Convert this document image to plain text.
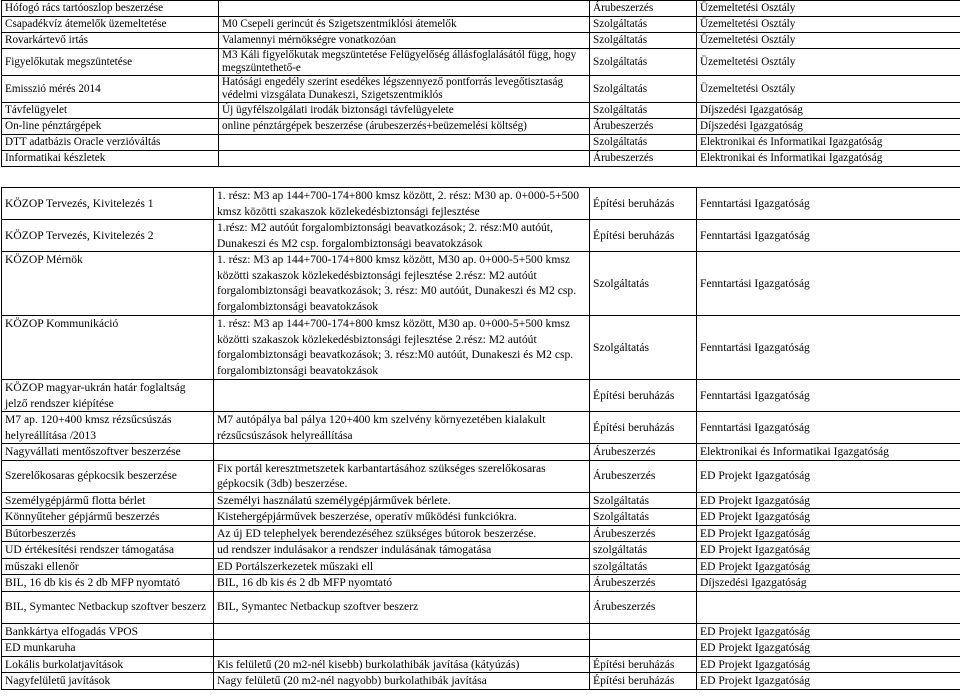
Hófogó rács tartóoszlop beszerzése		Árubeszerzés	Üzemeltetési Osztály
Csapadékvíz átemelők üzemeltetése	M0 Csepeli gerincút és Szigetszentmiklósi átemelők	Szolgáltatás	Üzemeltetési Osztály
Rovarkártevő irtás	Valamennyi mérnökségre vonatkozóan	Szolgáltatás	Üzemeltetési Osztály
Figyelőkutak megszüntetése	M3 Káli figyelőkutak megszüntetése Felügyelőség állásfoglalásától függ, hogy megszüntethető-e	Szolgáltatás	Üzemeltetési Osztály
Emisszió mérés 2014	Hatósági engedély szerint esedékes légszennyező pontforrás levegőtisztaság védelmi vizsgálata Dunakeszi, Szigetszentmiklós	Szolgáltatás	Üzemeltetési Osztály
Távfelügyelet	Új ügyfélszolgálati irodák biztonsági távfelügyelete	Szolgáltatás	Díjszedési Igazgatóság
On-line pénztárgépek	online pénztárgépek beszerzése (árubeszerzés+beüzemelési költség)	Árubeszerzés	Díjszedési Igazgatóság
DTT adatbázis Oracle verzióváltás		Szolgáltatás	Elektronikai és Informatikai Igazgatóság
Informatikai készletek		Árubeszerzés	Elektronikai és Informatikai Igazgatóság
KÖZOP Tervezés, Kivitelezés 1	1. rész: M3 ap 144+700-174+800 kmsz között, 2. rész: M30 ap. 0+000-5+500 kmsz közötti szakaszok közlekedésbiztonsági fejlesztése	Építési beruházás	Fenntartási Igazgatóság
KÖZOP Tervezés, Kivitelezés 2	1.rész: M2 autóút forgalombiztonsági beavatkozások; 2. rész:M0 autóút, Dunakeszi és M2 csp. forgalombiztonsági beavatokzások	Építési beruházás	Fenntartási Igazgatóság
KÖZOP Mérnök	1. rész: M3 ap 144+700-174+800 kmsz között, M30 ap. 0+000-5+500 kmsz közötti szakaszok közlekedésbiztonsági fejlesztése 2.rész: M2 autóút forgalombiztonsági beavatkozások; 3. rész: M0 autóút, Dunakeszi és M2 csp. forgalombiztonsági beavatokzások	Szolgáltatás	Fenntartási Igazgatóság
KÖZOP Kommunikáció	1. rész: M3 ap 144+700-174+800 kmsz között, M30 ap. 0+000-5+500 kmsz közötti szakaszok közlekedésbiztonsági fejlesztése 2.rész: M2 autóút forgalombiztonsági beavatkozások; 3. rész:M0 autóút, Dunakeszi és M2 csp. forgalombiztonsági beavatokzások	Szolgáltatás	Fenntartási Igazgatóság
KÖZOP magyar-ukrán határ foglaltság jelző rendszer kiépítése		Építési beruházás	Fenntartási Igazgatóság
M7 ap. 120+400 kmsz rézsűcsúszás helyreállítása /2013	M7 autópálya bal pálya 120+400 km szelvény környezetében kialakult rézsűcsúszások helyreállítása	Építési beruházás	Fenntartási Igazgatóság
Nagyvállati mentőszoftver beszerzése		Árubeszerzés	Elektronikai és Informatikai Igazgatóság
Szerelőkosaras gépkocsik beszerzése	Fix portál keresztmetszetek karbantartásához szükséges szerelőkosaras gépkocsik (3db) beszerzése.	Árubeszerzés	ED Projekt Igazgatóság
Személygépjármű flotta bérlet	Személyi használatú személygépjárművek bérlete.	Szolgáltatás	ED Projekt Igazgatóság
Könnyűteher gépjármű beszerzés	Kistehergépjárművek beszerzése, operatív működési funkciókra.	Szolgáltatás	ED Projekt Igazgatóság
Bútorbeszerzés	Az új ED telephelyek berendezéséhez szükséges bútorok beszerzése.	Árubeszerzés	ED Projekt Igazgatóság
UD értékesítési rendszer támogatása	ud rendszer indulásakor a rendszer indulásának támogatása	szolgáltatás	ED Projekt Igazgatóság
műszaki ellenőr	ED Portálszerkezetek műszaki ell	szolgáltatás	ED Projekt Igazgatóság
BIL, 16 db kis és 2 db MFP nyomtató	BIL, 16 db kis és 2 db MFP nyomtató	Árubeszerzés	Díjszedési Igazgatóság
BIL, Symantec Netbackup szoftver beszerz	BIL, Symantec Netbackup szoftver beszerz	Árubeszerzés	
Bankkártya elfogadás VPOS			ED Projekt Igazgatóság
ED munkaruha			ED Projekt Igazgatóság
Lokális burkolatjavítások	Kis felületű (20 m2-nél kisebb) burkolathibák javítása (kátyúzás)	Építési beruházás	ED Projekt Igazgatóság
Nagyfelületű javítások	Nagy felületű (20 m2-nél nagyobb) burkolathibák javítása	Építési beruházás	ED Projekt Igazgatóság
